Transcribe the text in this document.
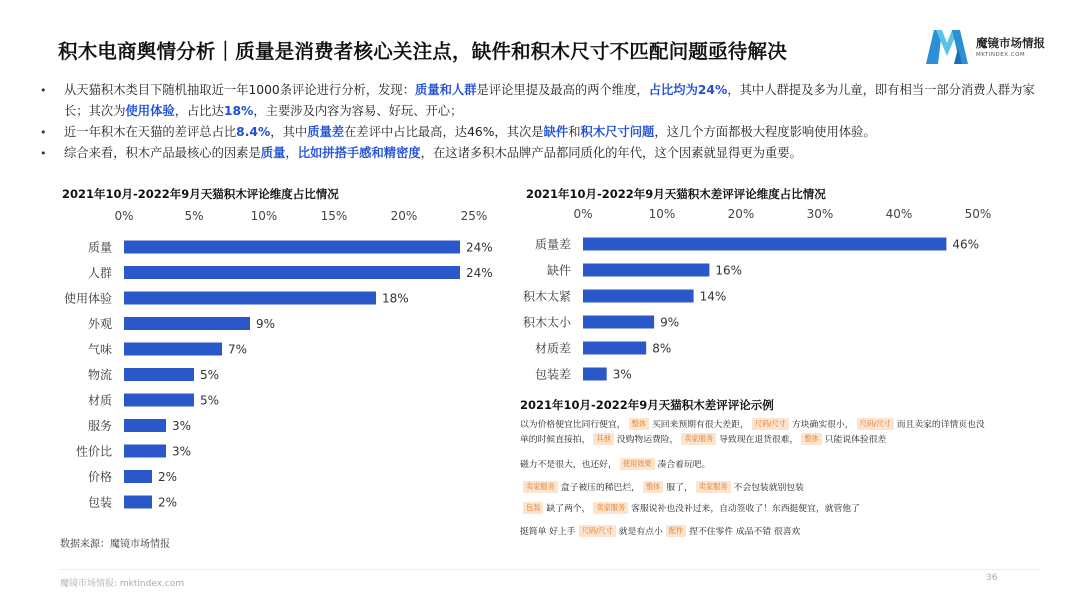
积木电商舆情分析｜质量是消费者核心关注点，缺件和积木尺寸不匹配问题亟待解决	魔镜市场情报
MKTINDEX.COM
• 从天猫积木类目下随机抽取近一年1000条评论进行分析，发现：质量和人群是评论里提及最高的两个维度，占比均为24%，其中人群提及多为儿童，即有相当一部分消费人群为家长；其次为使用体验，占比达18%，主要涉及内容为容易、好玩、开心；
• 近一年积木在天猫的差评总占比8.4%，其中质量差在差评中占比最高，达46%，其次是缺件和积木尺寸问题，这几个方面都极大程度影响使用体验。
• 综合来看，积木产品最核心的因素是质量，比如拼搭手感和精密度，在这诸多积木品牌产品都同质化的年代，这个因素就显得更为重要。
2021年10月-2022年9月天猫积木评论维度占比情况
0%	5%	10%	15%	20%	25%
质量	24%
人群	24%
使用体验	18%
外观	9%
气味	7%
物流	5%
材质	5%
服务	3%
性价比	3%
价格	2%
包装	2%
2021年10月-2022年9月天猫积木差评评论维度占比情况
0%	10%	20%	30%	40%	50%
质量差	46%
缺件	16%
积木太紧	14%
积木太小	9%
材质差	8%
包装差	3%
2021年10月-2022年9月天猫积木差评评论示例
以为价格便宜比同行便宜， 整体 买回来预期有很大差距， 尺码/尺寸 方块确实很小， 尺码/尺寸 而且卖家的详情页也没
单的时候直接拍， 其他 没购物运费险， 卖家服务 导致现在退货很难， 整体 只能说体验很差
磁力不是很大，也还好， 使用效果 凑合着玩吧。
卖家服务 盒子被压的稀巴烂， 整体 服了， 卖家服务 不会包装就别包装
包装 缺了两个， 卖家服务 客服说补也没补过来，自动签收了！东西挺便宜，就管他了
挺简单 好上手 尺码/尺寸 就是有点小 配件 捏不住零件 成品不错 很喜欢
数据来源：魔镜市场情报
魔镜市场情报: mktindex.com
36
